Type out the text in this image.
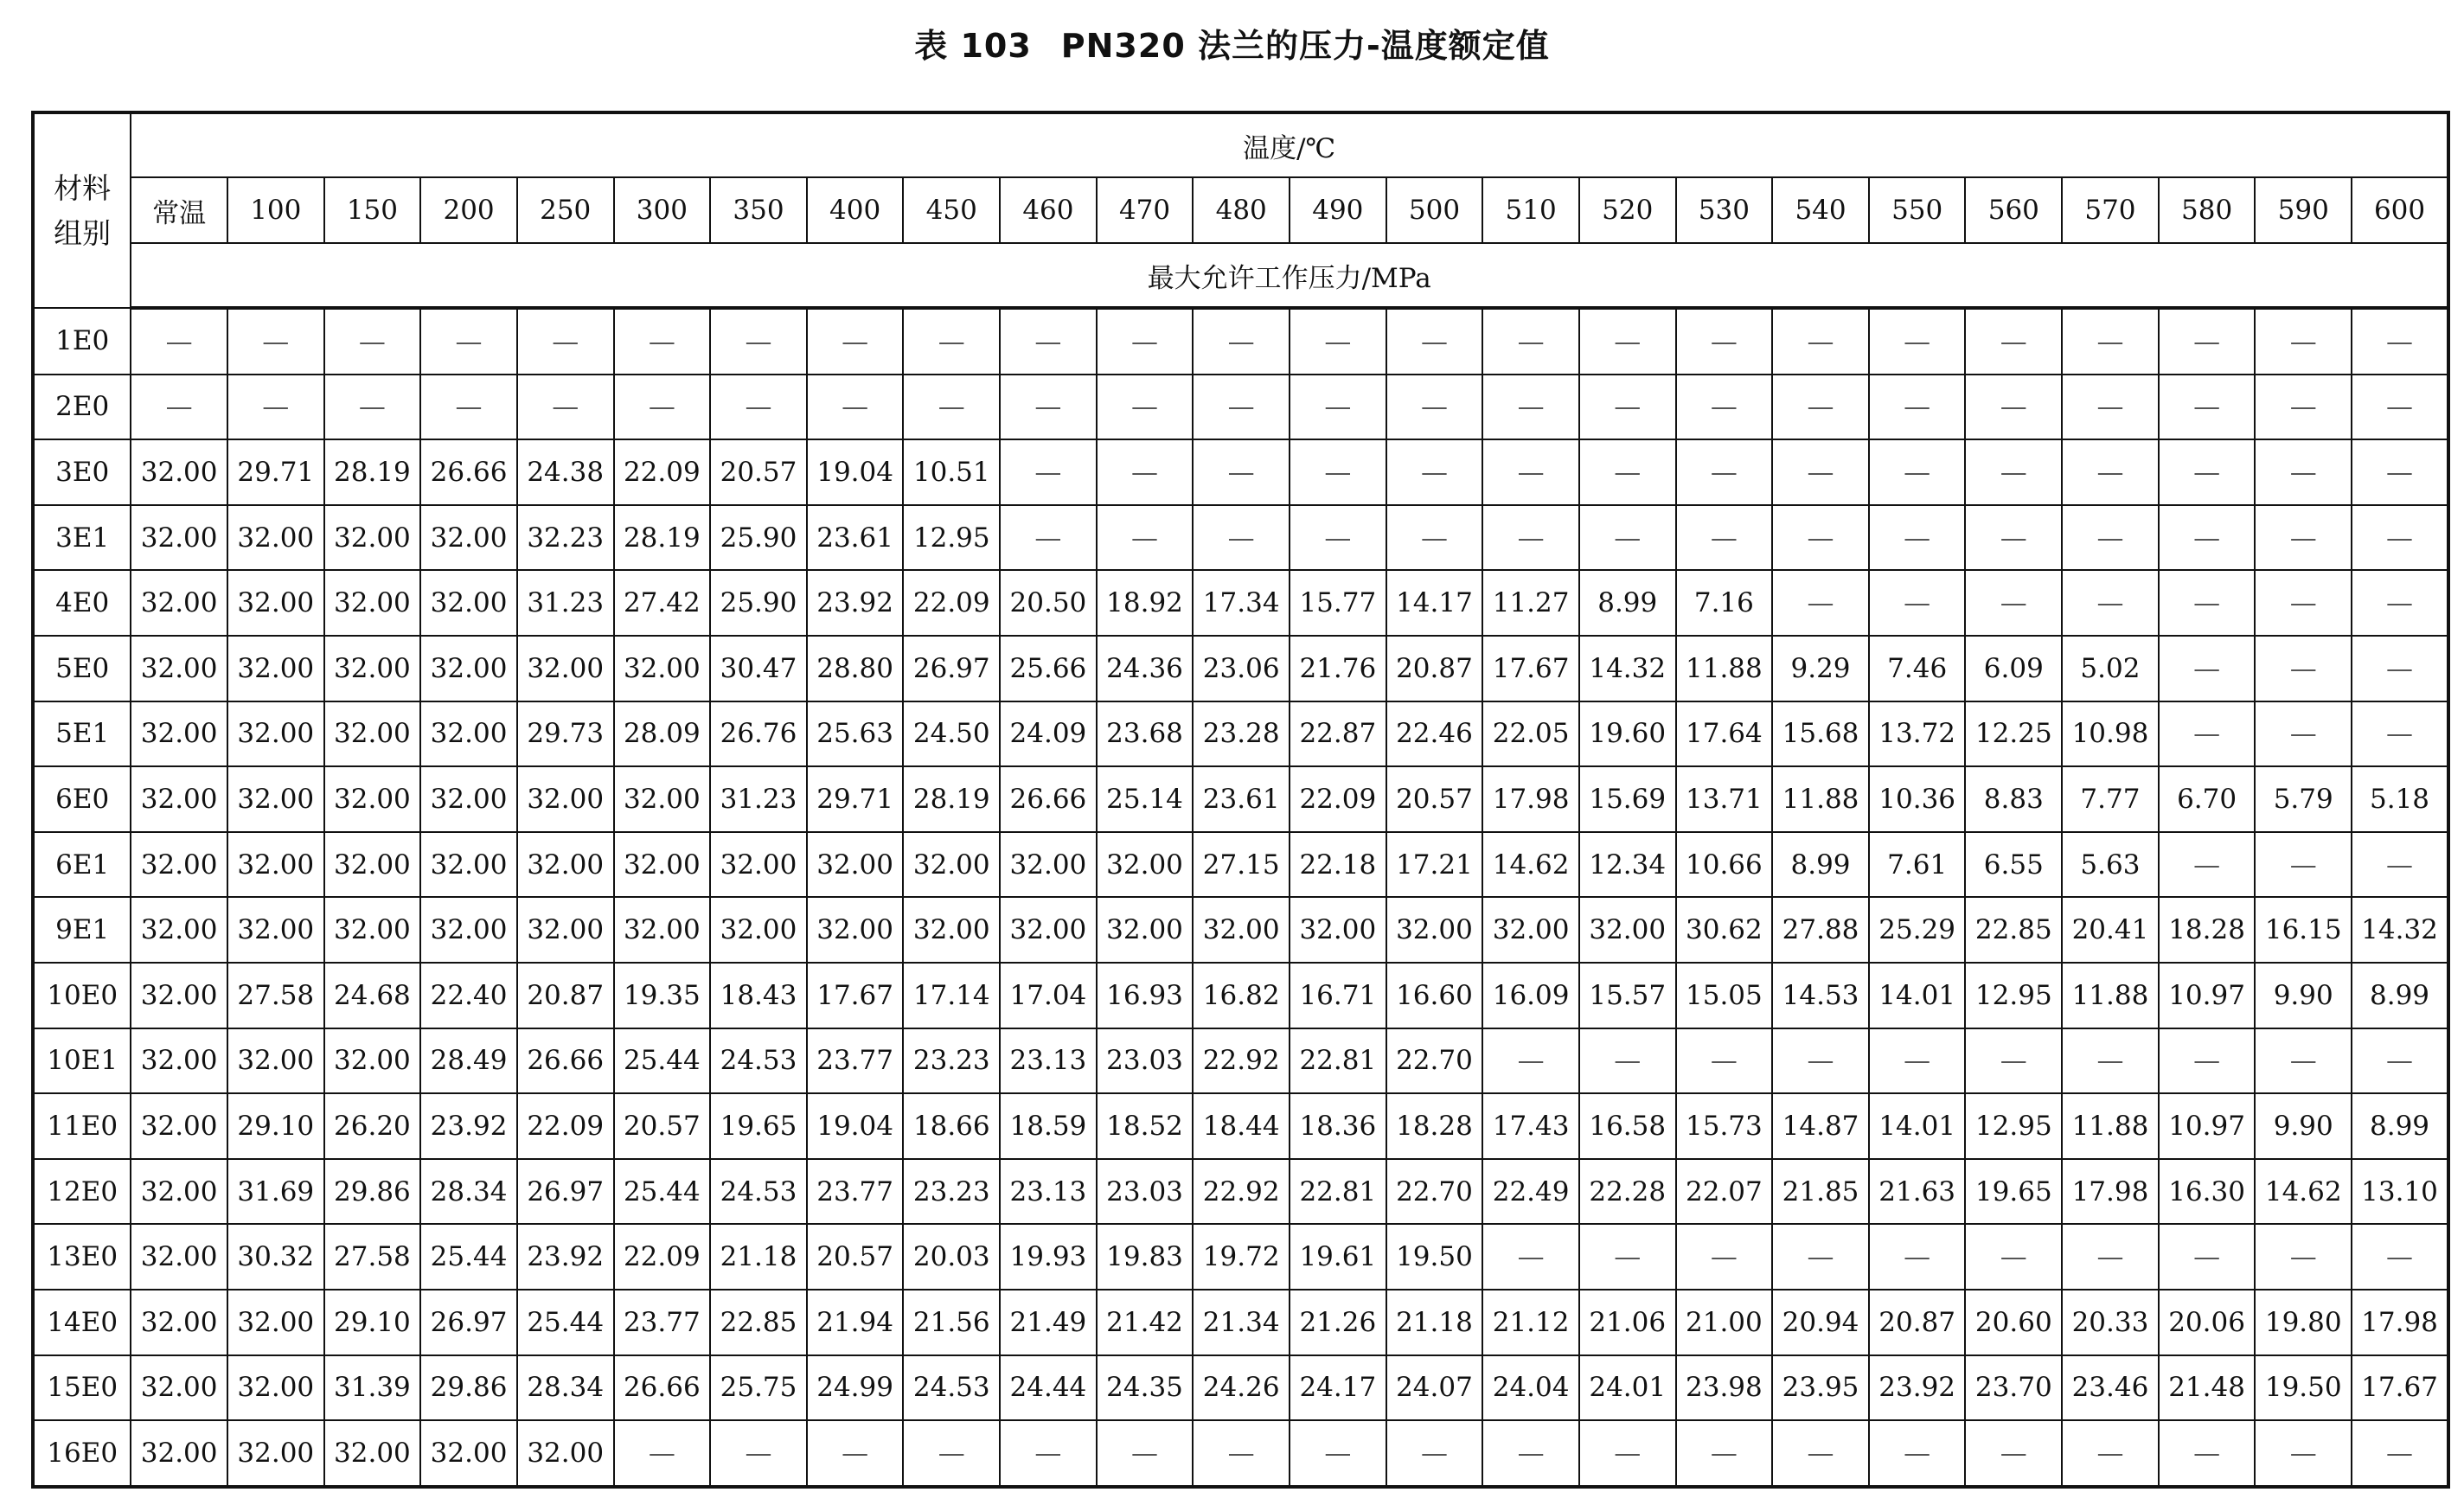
表 103 PN320 法兰的压力-温度额定值
材料
组别	温度/℃																							
	常温	100	150	200	250	300	350	400	450	460	470	480	490	500	510	520	530	540	550	560	570	580	590	600
	最大允许工作压力/MPa																							
1E0	—	—	—	—	—	—	—	—	—	—	—	—	—	—	—	—	—	—	—	—	—	—	—	—
2E0	—	—	—	—	—	—	—	—	—	—	—	—	—	—	—	—	—	—	—	—	—	—	—	—
3E0	32.00	29.71	28.19	26.66	24.38	22.09	20.57	19.04	10.51	—	—	—	—	—	—	—	—	—	—	—	—	—	—	—
3E1	32.00	32.00	32.00	32.00	32.23	28.19	25.90	23.61	12.95	—	—	—	—	—	—	—	—	—	—	—	—	—	—	—
4E0	32.00	32.00	32.00	32.00	31.23	27.42	25.90	23.92	22.09	20.50	18.92	17.34	15.77	14.17	11.27	8.99	7.16	—	—	—	—	—	—	—
5E0	32.00	32.00	32.00	32.00	32.00	32.00	30.47	28.80	26.97	25.66	24.36	23.06	21.76	20.87	17.67	14.32	11.88	9.29	7.46	6.09	5.02	—	—	—
5E1	32.00	32.00	32.00	32.00	29.73	28.09	26.76	25.63	24.50	24.09	23.68	23.28	22.87	22.46	22.05	19.60	17.64	15.68	13.72	12.25	10.98	—	—	—
6E0	32.00	32.00	32.00	32.00	32.00	32.00	31.23	29.71	28.19	26.66	25.14	23.61	22.09	20.57	17.98	15.69	13.71	11.88	10.36	8.83	7.77	6.70	5.79	5.18
6E1	32.00	32.00	32.00	32.00	32.00	32.00	32.00	32.00	32.00	32.00	32.00	27.15	22.18	17.21	14.62	12.34	10.66	8.99	7.61	6.55	5.63	—	—	—
9E1	32.00	32.00	32.00	32.00	32.00	32.00	32.00	32.00	32.00	32.00	32.00	32.00	32.00	32.00	32.00	32.00	30.62	27.88	25.29	22.85	20.41	18.28	16.15	14.32
10E0	32.00	27.58	24.68	22.40	20.87	19.35	18.43	17.67	17.14	17.04	16.93	16.82	16.71	16.60	16.09	15.57	15.05	14.53	14.01	12.95	11.88	10.97	9.90	8.99
10E1	32.00	32.00	32.00	28.49	26.66	25.44	24.53	23.77	23.23	23.13	23.03	22.92	22.81	22.70	—	—	—	—	—	—	—	—	—	—
11E0	32.00	29.10	26.20	23.92	22.09	20.57	19.65	19.04	18.66	18.59	18.52	18.44	18.36	18.28	17.43	16.58	15.73	14.87	14.01	12.95	11.88	10.97	9.90	8.99
12E0	32.00	31.69	29.86	28.34	26.97	25.44	24.53	23.77	23.23	23.13	23.03	22.92	22.81	22.70	22.49	22.28	22.07	21.85	21.63	19.65	17.98	16.30	14.62	13.10
13E0	32.00	30.32	27.58	25.44	23.92	22.09	21.18	20.57	20.03	19.93	19.83	19.72	19.61	19.50	—	—	—	—	—	—	—	—	—	—
14E0	32.00	32.00	29.10	26.97	25.44	23.77	22.85	21.94	21.56	21.49	21.42	21.34	21.26	21.18	21.12	21.06	21.00	20.94	20.87	20.60	20.33	20.06	19.80	17.98
15E0	32.00	32.00	31.39	29.86	28.34	26.66	25.75	24.99	24.53	24.44	24.35	24.26	24.17	24.07	24.04	24.01	23.98	23.95	23.92	23.70	23.46	21.48	19.50	17.67
16E0	32.00	32.00	32.00	32.00	32.00	—	—	—	—	—	—	—	—	—	—	—	—	—	—	—	—	—	—	—
